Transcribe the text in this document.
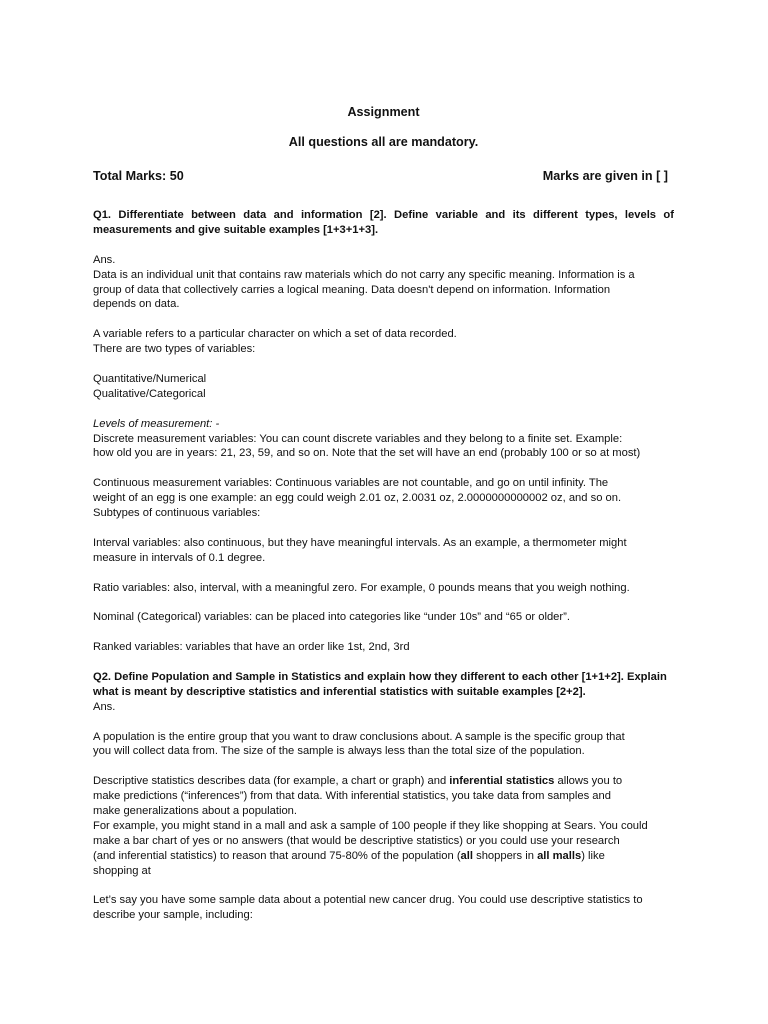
Assignment

All questions all are mandatory.

Total Marks: 50	Marks are given in [ ]

Q1. Differentiate between data and information [2]. Define variable and its different types, levels of measurements and give suitable examples [1+3+1+3].

Ans.

Data is an individual unit that contains raw materials which do not carry any specific meaning. Information is a

group of data that collectively carries a logical meaning. Data doesn't depend on information. Information

depends on data.

A variable refers to a particular character on which a set of data recorded.

There are two types of variables:

Quantitative/Numerical

Qualitative/Categorical

Levels of measurement: -

Discrete measurement variables: You can count discrete variables and they belong to a finite set. Example:

how old you are in years: 21, 23, 59, and so on. Note that the set will have an end (probably 100 or so at most)

Continuous measurement variables: Continuous variables are not countable, and go on until infinity. The

weight of an egg is one example: an egg could weigh 2.01 oz, 2.0031 oz, 2.0000000000002 oz, and so on.

Subtypes of continuous variables:

Interval variables: also continuous, but they have meaningful intervals. As an example, a thermometer might

measure in intervals of 0.1 degree.

Ratio variables: also, interval, with a meaningful zero. For example, 0 pounds means that you weigh nothing.

Nominal (Categorical) variables: can be placed into categories like “under 10s” and “65 or older”.

Ranked variables: variables that have an order like 1st, 2nd, 3rd

Q2. Define Population and Sample in Statistics and explain how they different to each other [1+1+2]. Explain

what is meant by descriptive statistics and inferential statistics with suitable examples [2+2].

Ans.

A population is the entire group that you want to draw conclusions about. A sample is the specific group that

you will collect data from. The size of the sample is always less than the total size of the population.

Descriptive statistics describes data (for example, a chart or graph) and inferential statistics allows you to

make predictions (“inferences”) from that data. With inferential statistics, you take data from samples and

make generalizations about a population.

For example, you might stand in a mall and ask a sample of 100 people if they like shopping at Sears. You could

make a bar chart of yes or no answers (that would be descriptive statistics) or you could use your research

(and inferential statistics) to reason that around 75-80% of the population (all shoppers in all malls) like

shopping at

Let’s say you have some sample data about a potential new cancer drug. You could use descriptive statistics to

describe your sample, including:
